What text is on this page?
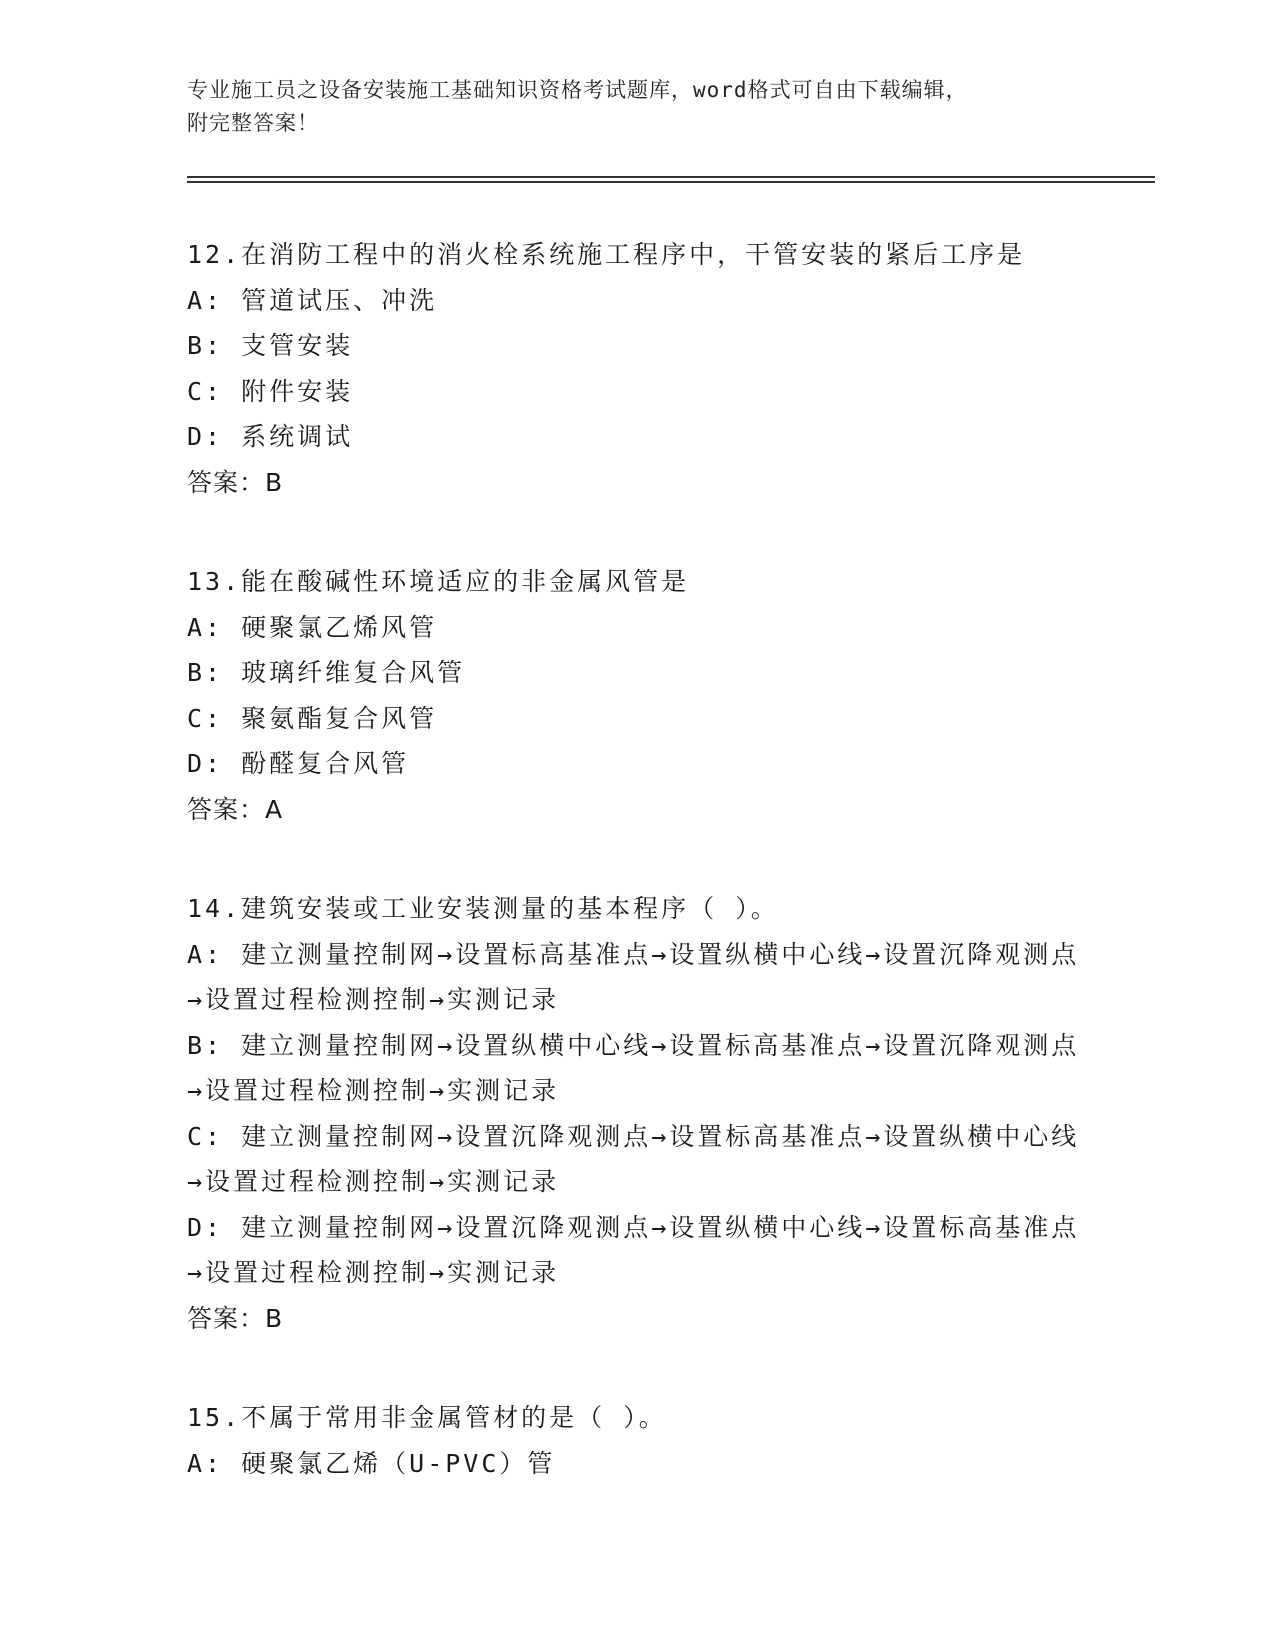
专业施工员之设备安装施工基础知识资格考试题库，word格式可自由下载编辑，
附完整答案！
12.在消防工程中的消火栓系统施工程序中，干管安装的紧后工序是
A: 管道试压、冲洗
B: 支管安装
C: 附件安装
D: 系统调试
答案：B
13.能在酸碱性环境适应的非金属风管是
A: 硬聚氯乙烯风管
B: 玻璃纤维复合风管
C: 聚氨酯复合风管
D: 酚醛复合风管
答案：A
14.建筑安装或工业安装测量的基本程序（ ）。
A: 建立测量控制网→设置标高基准点→设置纵横中心线→设置沉降观测点→设置过程检测控制→实测记录
B: 建立测量控制网→设置纵横中心线→设置标高基准点→设置沉降观测点→设置过程检测控制→实测记录
C: 建立测量控制网→设置沉降观测点→设置标高基准点→设置纵横中心线→设置过程检测控制→实测记录
D: 建立测量控制网→设置沉降观测点→设置纵横中心线→设置标高基准点→设置过程检测控制→实测记录
答案：B
15.不属于常用非金属管材的是（ ）。
A: 硬聚氯乙烯（U-PVC）管
